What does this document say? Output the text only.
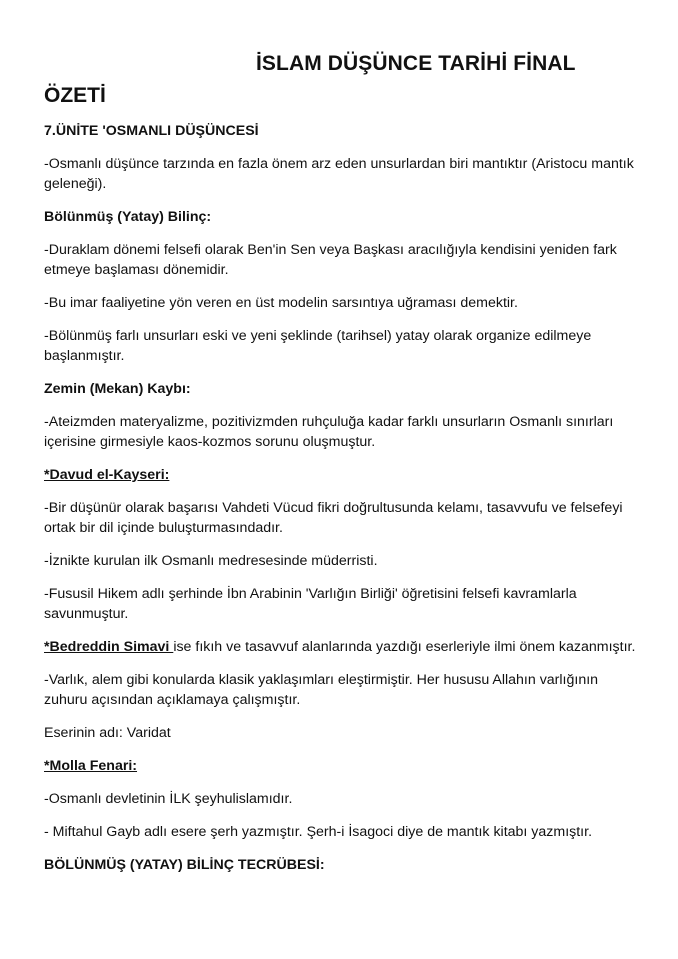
İSLAM DÜŞÜNCE TARİHİ FİNAL
ÖZETİ

7.ÜNİTE 'OSMANLI DÜŞÜNCESİ

-Osmanlı düşünce tarzında en fazla önem arz eden unsurlardan biri mantıktır (Aristocu mantık geleneği).

Bölünmüş (Yatay) Bilinç:

-Duraklam dönemi felsefi olarak Ben'in Sen veya Başkası aracılığıyla kendisini yeniden fark etmeye başlaması dönemidir.

-Bu imar faaliyetine yön veren en üst modelin sarsıntıya uğraması demektir.

-Bölünmüş farlı unsurları eski ve yeni şeklinde (tarihsel) yatay olarak organize edilmeye başlanmıştır.

Zemin (Mekan) Kaybı:

-Ateizmden materyalizme, pozitivizmden ruhçuluğa kadar farklı unsurların Osmanlı sınırları içerisine girmesiyle kaos-kozmos sorunu oluşmuştur.

*Davud el-Kayseri:

-Bir düşünür olarak başarısı Vahdeti Vücud fikri doğrultusunda kelamı, tasavvufu ve felsefeyi ortak bir dil içinde buluşturmasındadır.

-İznikte kurulan ilk Osmanlı medresesinde müderristi.

-Fususil Hikem adlı şerhinde İbn Arabinin 'Varlığın Birliği' öğretisini felsefi kavramlarla savunmuştur.

*Bedreddin Simavi ise fıkıh ve tasavvuf alanlarında yazdığı eserleriyle ilmi önem kazanmıştır.

-Varlık, alem gibi konularda klasik yaklaşımları eleştirmiştir. Her hususu Allahın varlığının zuhuru açısından açıklamaya çalışmıştır.

Eserinin adı: Varidat

*Molla Fenari:

-Osmanlı devletinin İLK şeyhulislamıdır.

- Miftahul Gayb adlı esere şerh yazmıştır. Şerh-i İsagoci diye de mantık kitabı yazmıştır.

BÖLÜNMÜŞ (YATAY) BİLİNÇ TECRÜBESİ:
